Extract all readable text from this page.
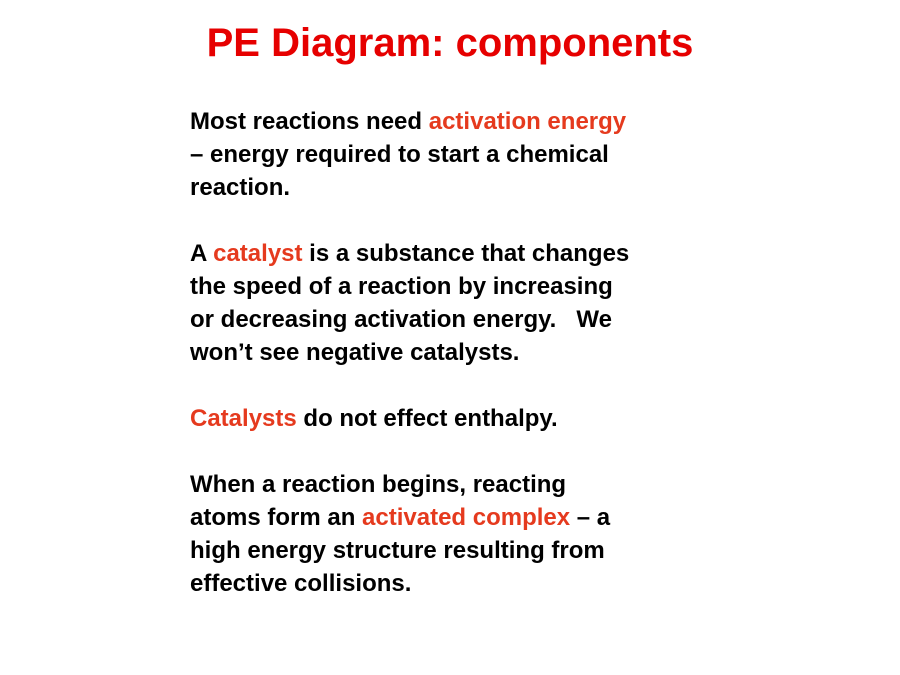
PE Diagram: components

Most reactions need activation energy
– energy required to start a chemical
reaction.

A catalyst is a substance that changes
the speed of a reaction by increasing
or decreasing activation energy.   We
won’t see negative catalysts.

Catalysts do not effect enthalpy.

When a reaction begins, reacting
atoms form an activated complex – a
high energy structure resulting from
effective collisions.
